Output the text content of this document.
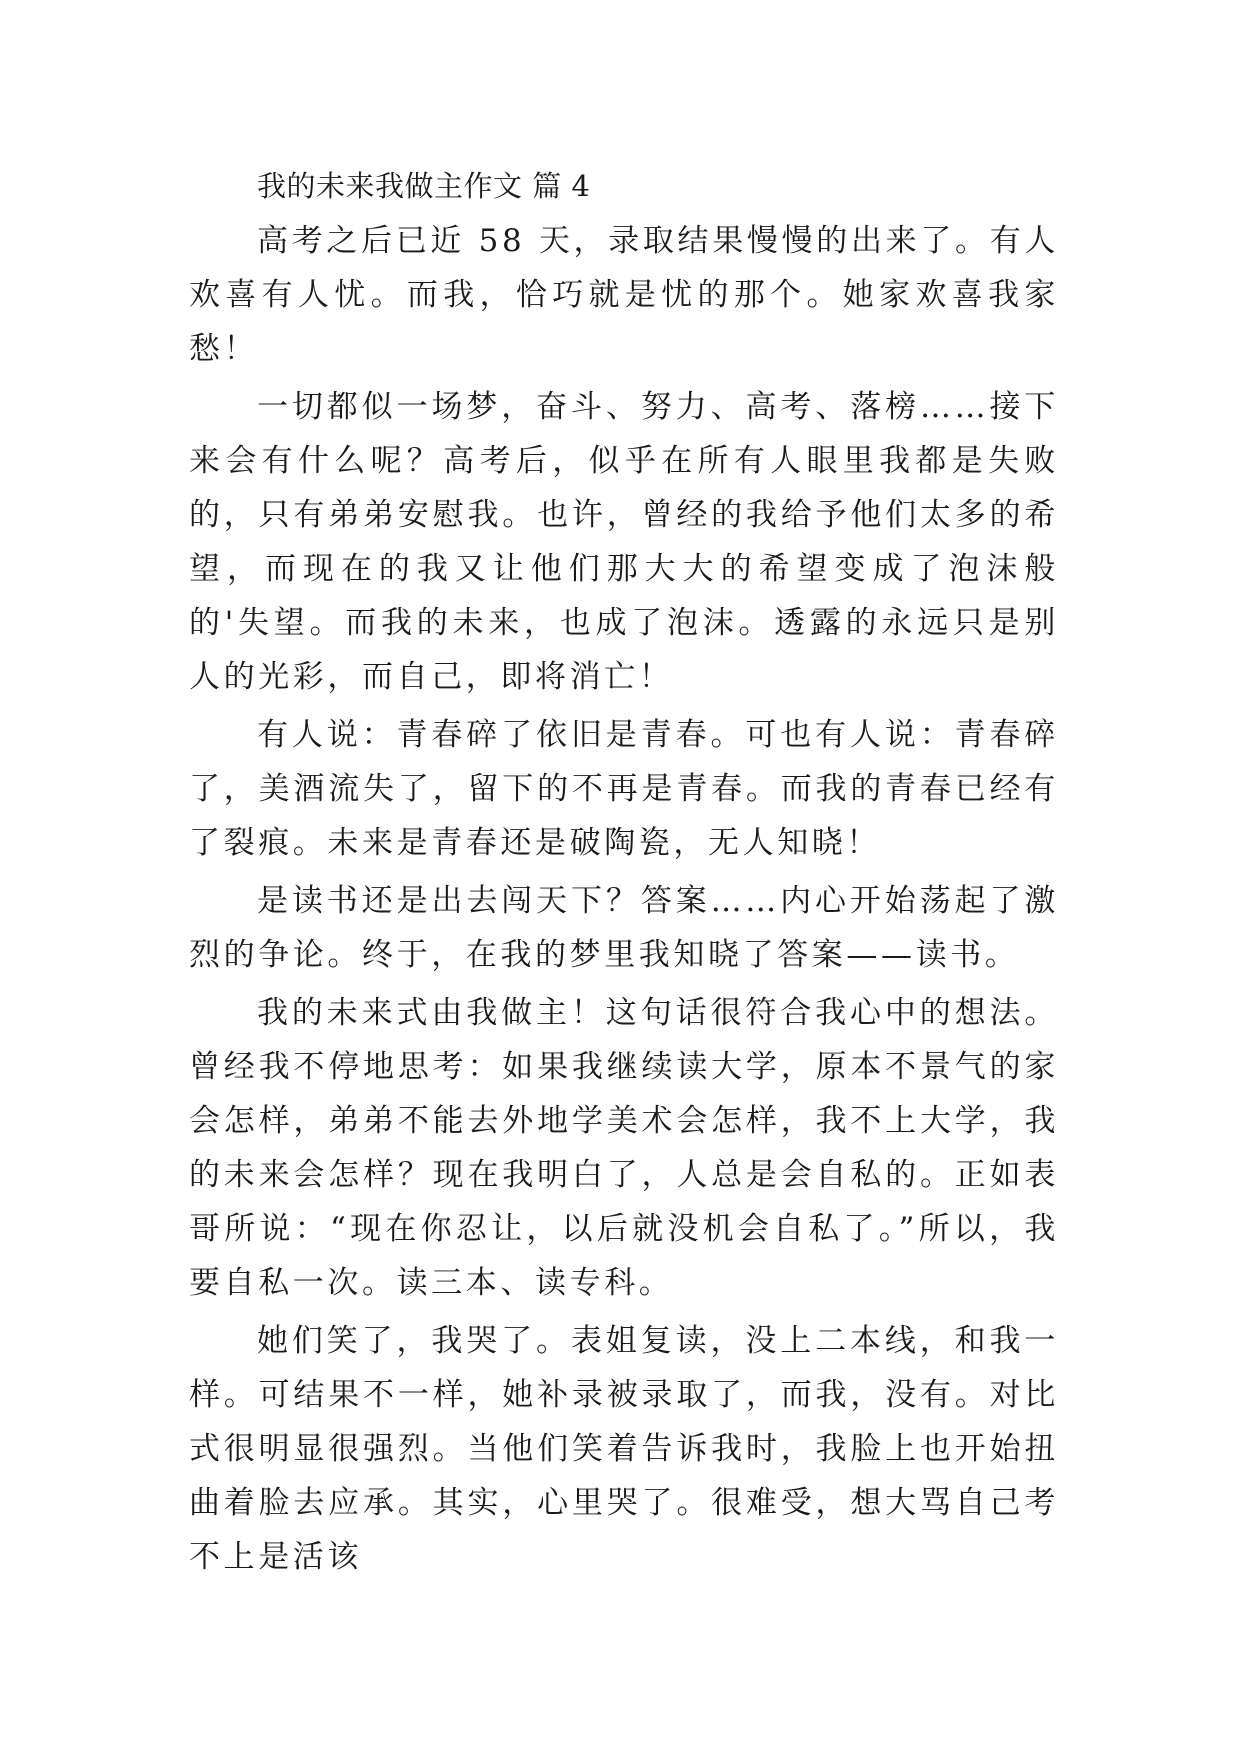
我的未来我做主作文 篇 4

高考之后已近 58 天，录取结果慢慢的出来了。有人欢喜有人忧。而我，恰巧就是忧的那个。她家欢喜我家愁！

一切都似一场梦，奋斗、努力、高考、落榜……接下来会有什么呢？高考后，似乎在所有人眼里我都是失败的，只有弟弟安慰我。也许，曾经的我给予他们太多的希望，而现在的我又让他们那大大的希望变成了泡沫般的'失望。而我的未来，也成了泡沫。透露的永远只是别人的光彩，而自己，即将消亡！

有人说：青春碎了依旧是青春。可也有人说：青春碎了，美酒流失了，留下的不再是青春。而我的青春已经有了裂痕。未来是青春还是破陶瓷，无人知晓！

是读书还是出去闯天下？答案……内心开始荡起了激烈的争论。终于，在我的梦里我知晓了答案——读书。

我的未来式由我做主！这句话很符合我心中的想法。曾经我不停地思考：如果我继续读大学，原本不景气的家会怎样，弟弟不能去外地学美术会怎样，我不上大学，我的未来会怎样？现在我明白了，人总是会自私的。正如表哥所说：“现在你忍让，以后就没机会自私了。”所以，我要自私一次。读三本、读专科。

她们笑了，我哭了。表姐复读，没上二本线，和我一样。可结果不一样，她补录被录取了，而我，没有。对比式很明显很强烈。当他们笑着告诉我时，我脸上也开始扭曲着脸去应承。其实，心里哭了。很难受，想大骂自己考不上是活该
